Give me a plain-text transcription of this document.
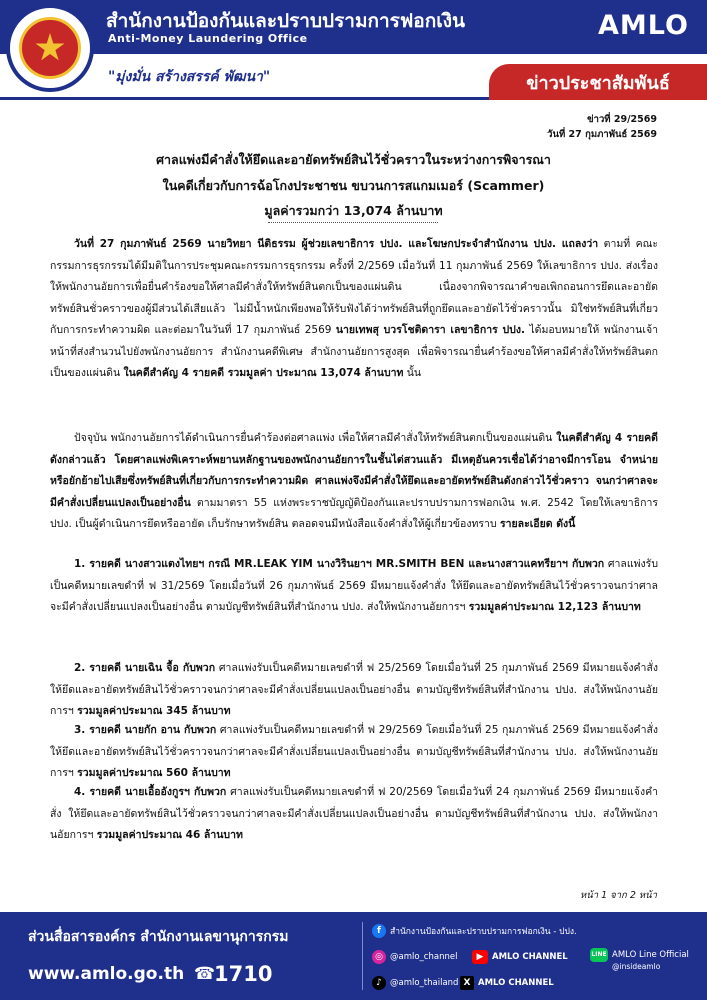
สำนักงานป้องกันและปราบปรามการฟอกเงิน
Anti-Money Laundering Office	AMLO
"มุ่งมั่น สร้างสรรค์ พัฒนา"	ข่าวประชาสัมพันธ์
ข่าวที่ 29/2569
วันที่ 27 กุมภาพันธ์ 2569
ศาลแพ่งมีคำสั่งให้ยึดและอายัดทรัพย์สินไว้ชั่วคราวในระหว่างการพิจารณา
ในคดีเกี่ยวกับการฉ้อโกงประชาชน ขบวนการสแกมเมอร์ (Scammer)
มูลค่ารวมกว่า 13,074 ล้านบาท

วันที่ 27 กุมภาพันธ์ 2569 นายวิทยา นีติธรรม ผู้ช่วยเลขาธิการ ปปง. และโฆษกประจำสำนักงาน ปปง. แถลงว่า ตามที่ คณะกรรมการธุรกรรมได้มีมติในการประชุมคณะกรรมการธุรกรรม ครั้งที่ 2/2569 เมื่อวันที่ 11 กุมภาพันธ์ 2569 ให้เลขาธิการ ปปง. ส่งเรื่องให้พนักงานอัยการเพื่อยื่นคำร้องขอให้ศาลมีคำสั่งให้ทรัพย์สินตกเป็นของแผ่นดิน เนื่องจากพิจารณาคำขอเพิกถอนการยึดและอายัดทรัพย์สินชั่วคราวของผู้มีส่วนได้เสียแล้ว ไม่มีน้ำหนักเพียงพอให้รับฟังได้ว่าทรัพย์สินที่ถูกยึดและอายัดไว้ชั่วคราวนั้น มิใช่ทรัพย์สินที่เกี่ยวกับการกระทำความผิด และต่อมาในวันที่ 17 กุมภาพันธ์ 2569 นายเทพสุ บวรโชติดารา เลขาธิการ ปปง. ได้มอบหมายให้ พนักงานเจ้าหน้าที่ส่งสำนวนไปยังพนักงานอัยการ สำนักงานคดีพิเศษ สำนักงานอัยการสูงสุด เพื่อพิจารณายื่นคำร้องขอให้ศาลมีคำสั่งให้ทรัพย์สินตกเป็นของแผ่นดิน ในคดีสำคัญ 4 รายคดี รวมมูลค่า ประมาณ 13,074 ล้านบาท นั้น

ปัจจุบัน พนักงานอัยการได้ดำเนินการยื่นคำร้องต่อศาลแพ่ง เพื่อให้ศาลมีคำสั่งให้ทรัพย์สินตกเป็นของแผ่นดิน ในคดีสำคัญ 4 รายคดีดังกล่าวแล้ว โดยศาลแพ่งพิเคราะห์พยานหลักฐานของพนักงานอัยการในชั้นไต่สวนแล้ว มีเหตุอันควรเชื่อได้ว่าอาจมีการโอน จำหน่าย หรือยักย้ายไปเสียซึ่งทรัพย์สินที่เกี่ยวกับการกระทำความผิด ศาลแพ่งจึงมีคำสั่งให้ยึดและอายัดทรัพย์สินดังกล่าวไว้ชั่วคราว จนกว่าศาลจะมีคำสั่งเปลี่ยนแปลงเป็นอย่างอื่น ตามมาตรา 55 แห่งพระราชบัญญัติป้องกันและปราบปรามการฟอกเงิน พ.ศ. 2542 โดยให้เลขาธิการ ปปง. เป็นผู้ดำเนินการยึดหรืออายัด เก็บรักษาทรัพย์สิน ตลอดจนมีหนังสือแจ้งคำสั่งให้ผู้เกี่ยวข้องทราบ รายละเอียด ดังนี้

1. รายคดี นางสาวแตงไทยฯ กรณี MR.LEAK YIM นางวิรินยาฯ MR.SMITH BEN และนางสาวแคทรียาฯ กับพวก ศาลแพ่งรับเป็นคดีหมายเลขดำที่ ฟ 31/2569 โดยเมื่อวันที่ 26 กุมภาพันธ์ 2569 มีหมายแจ้งคำสั่ง ให้ยึดและอายัดทรัพย์สินไว้ชั่วคราวจนกว่าศาลจะมีคำสั่งเปลี่ยนแปลงเป็นอย่างอื่น ตามบัญชีทรัพย์สินที่สำนักงาน ปปง. ส่งให้พนักงานอัยการฯ รวมมูลค่าประมาณ 12,123 ล้านบาท

2. รายคดี นายเฉิน จื้อ กับพวก ศาลแพ่งรับเป็นคดีหมายเลขดำที่ ฟ 25/2569 โดยเมื่อวันที่ 25 กุมภาพันธ์ 2569 มีหมายแจ้งคำสั่ง ให้ยึดและอายัดทรัพย์สินไว้ชั่วคราวจนกว่าศาลจะมีคำสั่งเปลี่ยนแปลงเป็นอย่างอื่น ตามบัญชีทรัพย์สินที่สำนักงาน ปปง. ส่งให้พนักงานอัยการฯ รวมมูลค่าประมาณ 345 ล้านบาท

3. รายคดี นายกัก อาน กับพวก ศาลแพ่งรับเป็นคดีหมายเลขดำที่ ฟ 29/2569 โดยเมื่อวันที่ 25 กุมภาพันธ์ 2569 มีหมายแจ้งคำสั่ง ให้ยึดและอายัดทรัพย์สินไว้ชั่วคราวจนกว่าศาลจะมีคำสั่งเปลี่ยนแปลงเป็นอย่างอื่น ตามบัญชีทรัพย์สินที่สำนักงาน ปปง. ส่งให้พนักงานอัยการฯ รวมมูลค่าประมาณ 560 ล้านบาท

4. รายคดี นายเอื้ออังกูรฯ กับพวก ศาลแพ่งรับเป็นคดีหมายเลขดำที่ ฟ 20/2569 โดยเมื่อวันที่ 24 กุมภาพันธ์ 2569 มีหมายแจ้งคำสั่ง ให้ยึดและอายัดทรัพย์สินไว้ชั่วคราวจนกว่าศาลจะมีคำสั่งเปลี่ยนแปลงเป็นอย่างอื่น ตามบัญชีทรัพย์สินที่สำนักงาน ปปง. ส่งให้พนักงานอัยการฯ รวมมูลค่าประมาณ 46 ล้านบาท

หน้า 1 จาก 2 หน้า
ส่วนสื่อสารองค์กร สำนักงานเลขานุการกรม
www.amlo.go.th ☎
1710
f	สำนักงานป้องกันและปราบปรามการฟอกเงิน - ปปง.
◎ @amlo_channel	▶	AMLO CHANNEL	LINE AMLO Line Official
@insideamlo
♪ @amlo_thailand X AMLO CHANNEL
